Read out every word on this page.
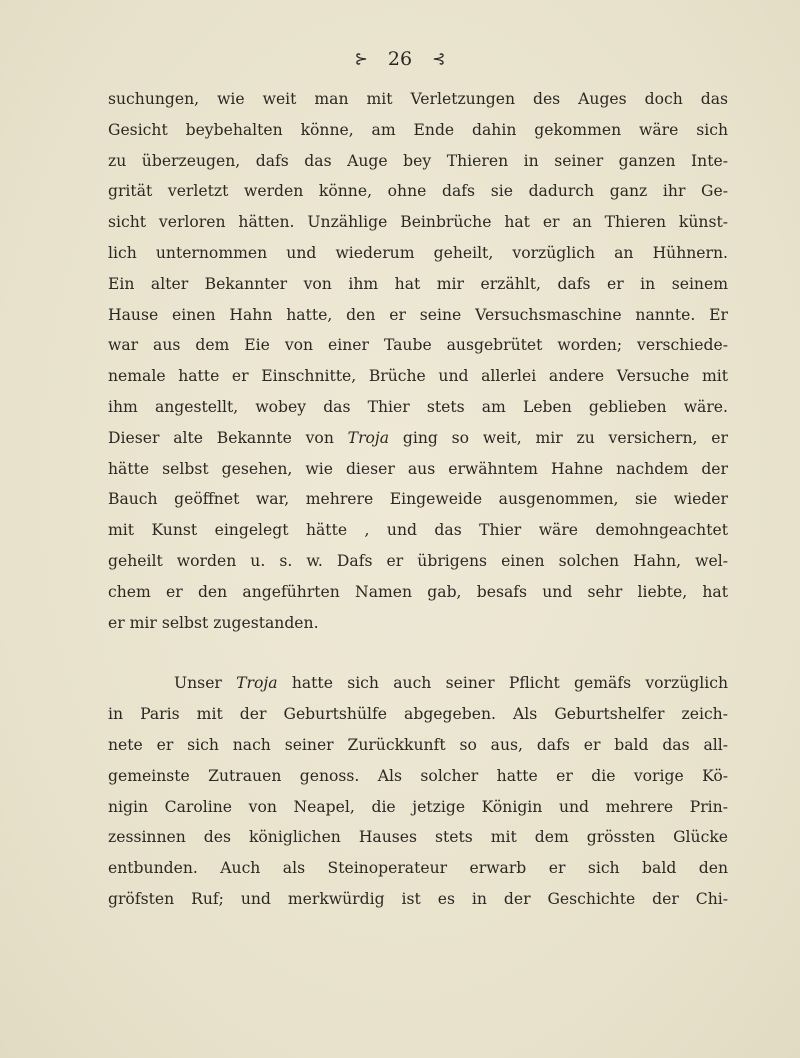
⊱ 26 ⊰
suchungen, wie weit man mit Verletzungen des Auges doch das
Gesicht beybehalten könne, am Ende dahin gekommen wäre sich
zu überzeugen, dafs das Auge bey Thieren in seiner ganzen Inte-
grität verletzt werden könne, ohne dafs sie dadurch ganz ihr Ge-
sicht verloren hätten. Unzählige Beinbrüche hat er an Thieren künst-
lich unternommen und wiederum geheilt, vorzüglich an Hühnern.
Ein alter Bekannter von ihm hat mir erzählt, dafs er in seinem
Hause einen Hahn hatte, den er seine Versuchsmaschine nannte. Er
war aus dem Eie von einer Taube ausgebrütet worden; verschiede-
nemale hatte er Einschnitte, Brüche und allerlei andere Versuche mit
ihm angestellt, wobey das Thier stets am Leben geblieben wäre.
Dieser alte Bekannte von Troja ging so weit, mir zu versichern, er
hätte selbst gesehen, wie dieser aus erwähntem Hahne nachdem der
Bauch geöffnet war, mehrere Eingeweide ausgenommen, sie wieder
mit Kunst eingelegt hätte , und das Thier wäre demohngeachtet
geheilt worden u. s. w. Dafs er übrigens einen solchen Hahn, wel-
chem er den angeführten Namen gab, besafs und sehr liebte, hat
er mir selbst zugestanden.
Unser Troja hatte sich auch seiner Pflicht gemäfs vorzüglich
in Paris mit der Geburtshülfe abgegeben. Als Geburtshelfer zeich-
nete er sich nach seiner Zurückkunft so aus, dafs er bald das all-
gemeinste Zutrauen genoss. Als solcher hatte er die vorige Kö-
nigin Caroline von Neapel, die jetzige Königin und mehrere Prin-
zessinnen des königlichen Hauses stets mit dem grössten Glücke
entbunden. Auch als Steinoperateur erwarb er sich bald den
gröfsten Ruf; und merkwürdig ist es in der Geschichte der Chi-
